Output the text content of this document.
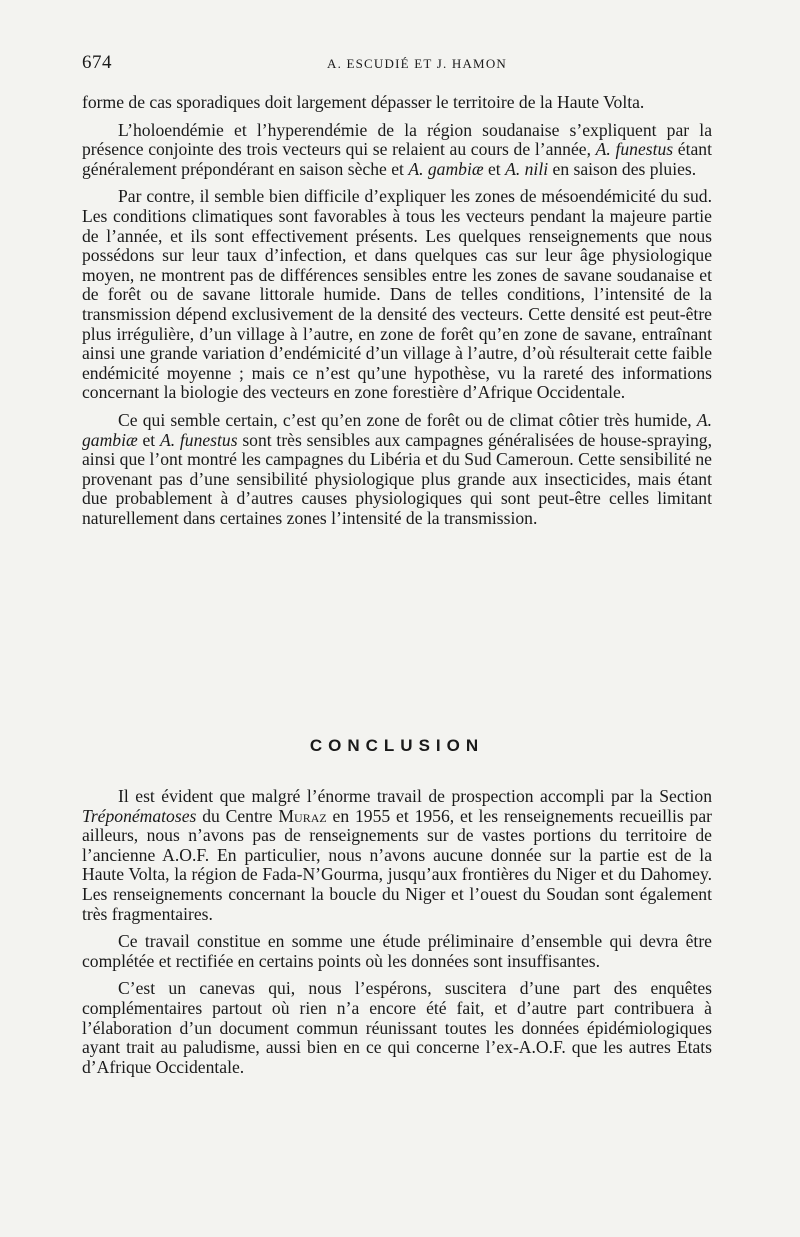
674	A. ESCUDIÉ ET J. HAMON

forme de cas sporadiques doit largement dépasser le territoire de la Haute Volta.

L’holoendémie et l’hyperendémie de la région soudanaise s’expliquent par la présence conjointe des trois vecteurs qui se relaient au cours de l’année, A. funestus étant généralement prépondérant en saison sèche et A. gambiæ et A. nili en saison des pluies.

Par contre, il semble bien difficile d’expliquer les zones de mésoendémicité du sud. Les conditions climatiques sont favorables à tous les vecteurs pendant la majeure partie de l’année, et ils sont effectivement présents. Les quelques renseignements que nous possédons sur leur taux d’infection, et dans quelques cas sur leur âge physiologique moyen, ne montrent pas de différences sensibles entre les zones de savane soudanaise et de forêt ou de savane littorale humide. Dans de telles conditions, l’intensité de la transmission dépend exclusivement de la densité des vecteurs. Cette densité est peut-être plus irrégulière, d’un village à l’autre, en zone de forêt qu’en zone de savane, entraînant ainsi une grande variation d’endémicité d’un village à l’autre, d’où résulterait cette faible endémicité moyenne ; mais ce n’est qu’une hypothèse, vu la rareté des informations concernant la biologie des vecteurs en zone forestière d’Afrique Occidentale.

Ce qui semble certain, c’est qu’en zone de forêt ou de climat côtier très humide, A. gambiæ et A. funestus sont très sensibles aux campagnes généralisées de house-spraying, ainsi que l’ont montré les campagnes du Libéria et du Sud Cameroun. Cette sensibilité ne provenant pas d’une sensibilité physiologique plus grande aux insecticides, mais étant due probablement à d’autres causes physiologiques qui sont peut-être celles limitant naturellement dans certaines zones l’intensité de la transmission.

CONCLUSION

Il est évident que malgré l’énorme travail de prospection accompli par la Section Tréponématoses du Centre Muraz en 1955 et 1956, et les renseignements recueillis par ailleurs, nous n’avons pas de renseignements sur de vastes portions du territoire de l’ancienne A.O.F. En particulier, nous n’avons aucune donnée sur la partie est de la Haute Volta, la région de Fada-N’Gourma, jusqu’aux frontières du Niger et du Dahomey. Les renseignements concernant la boucle du Niger et l’ouest du Soudan sont également très fragmentaires.

Ce travail constitue en somme une étude préliminaire d’ensemble qui devra être complétée et rectifiée en certains points où les données sont insuffisantes.

C’est un canevas qui, nous l’espérons, suscitera d’une part des enquêtes complémentaires partout où rien n’a encore été fait, et d’autre part contribuera à l’élaboration d’un document commun réunissant toutes les données épidémiologiques ayant trait au paludisme, aussi bien en ce qui concerne l’ex-A.O.F. que les autres Etats d’Afrique Occidentale.
